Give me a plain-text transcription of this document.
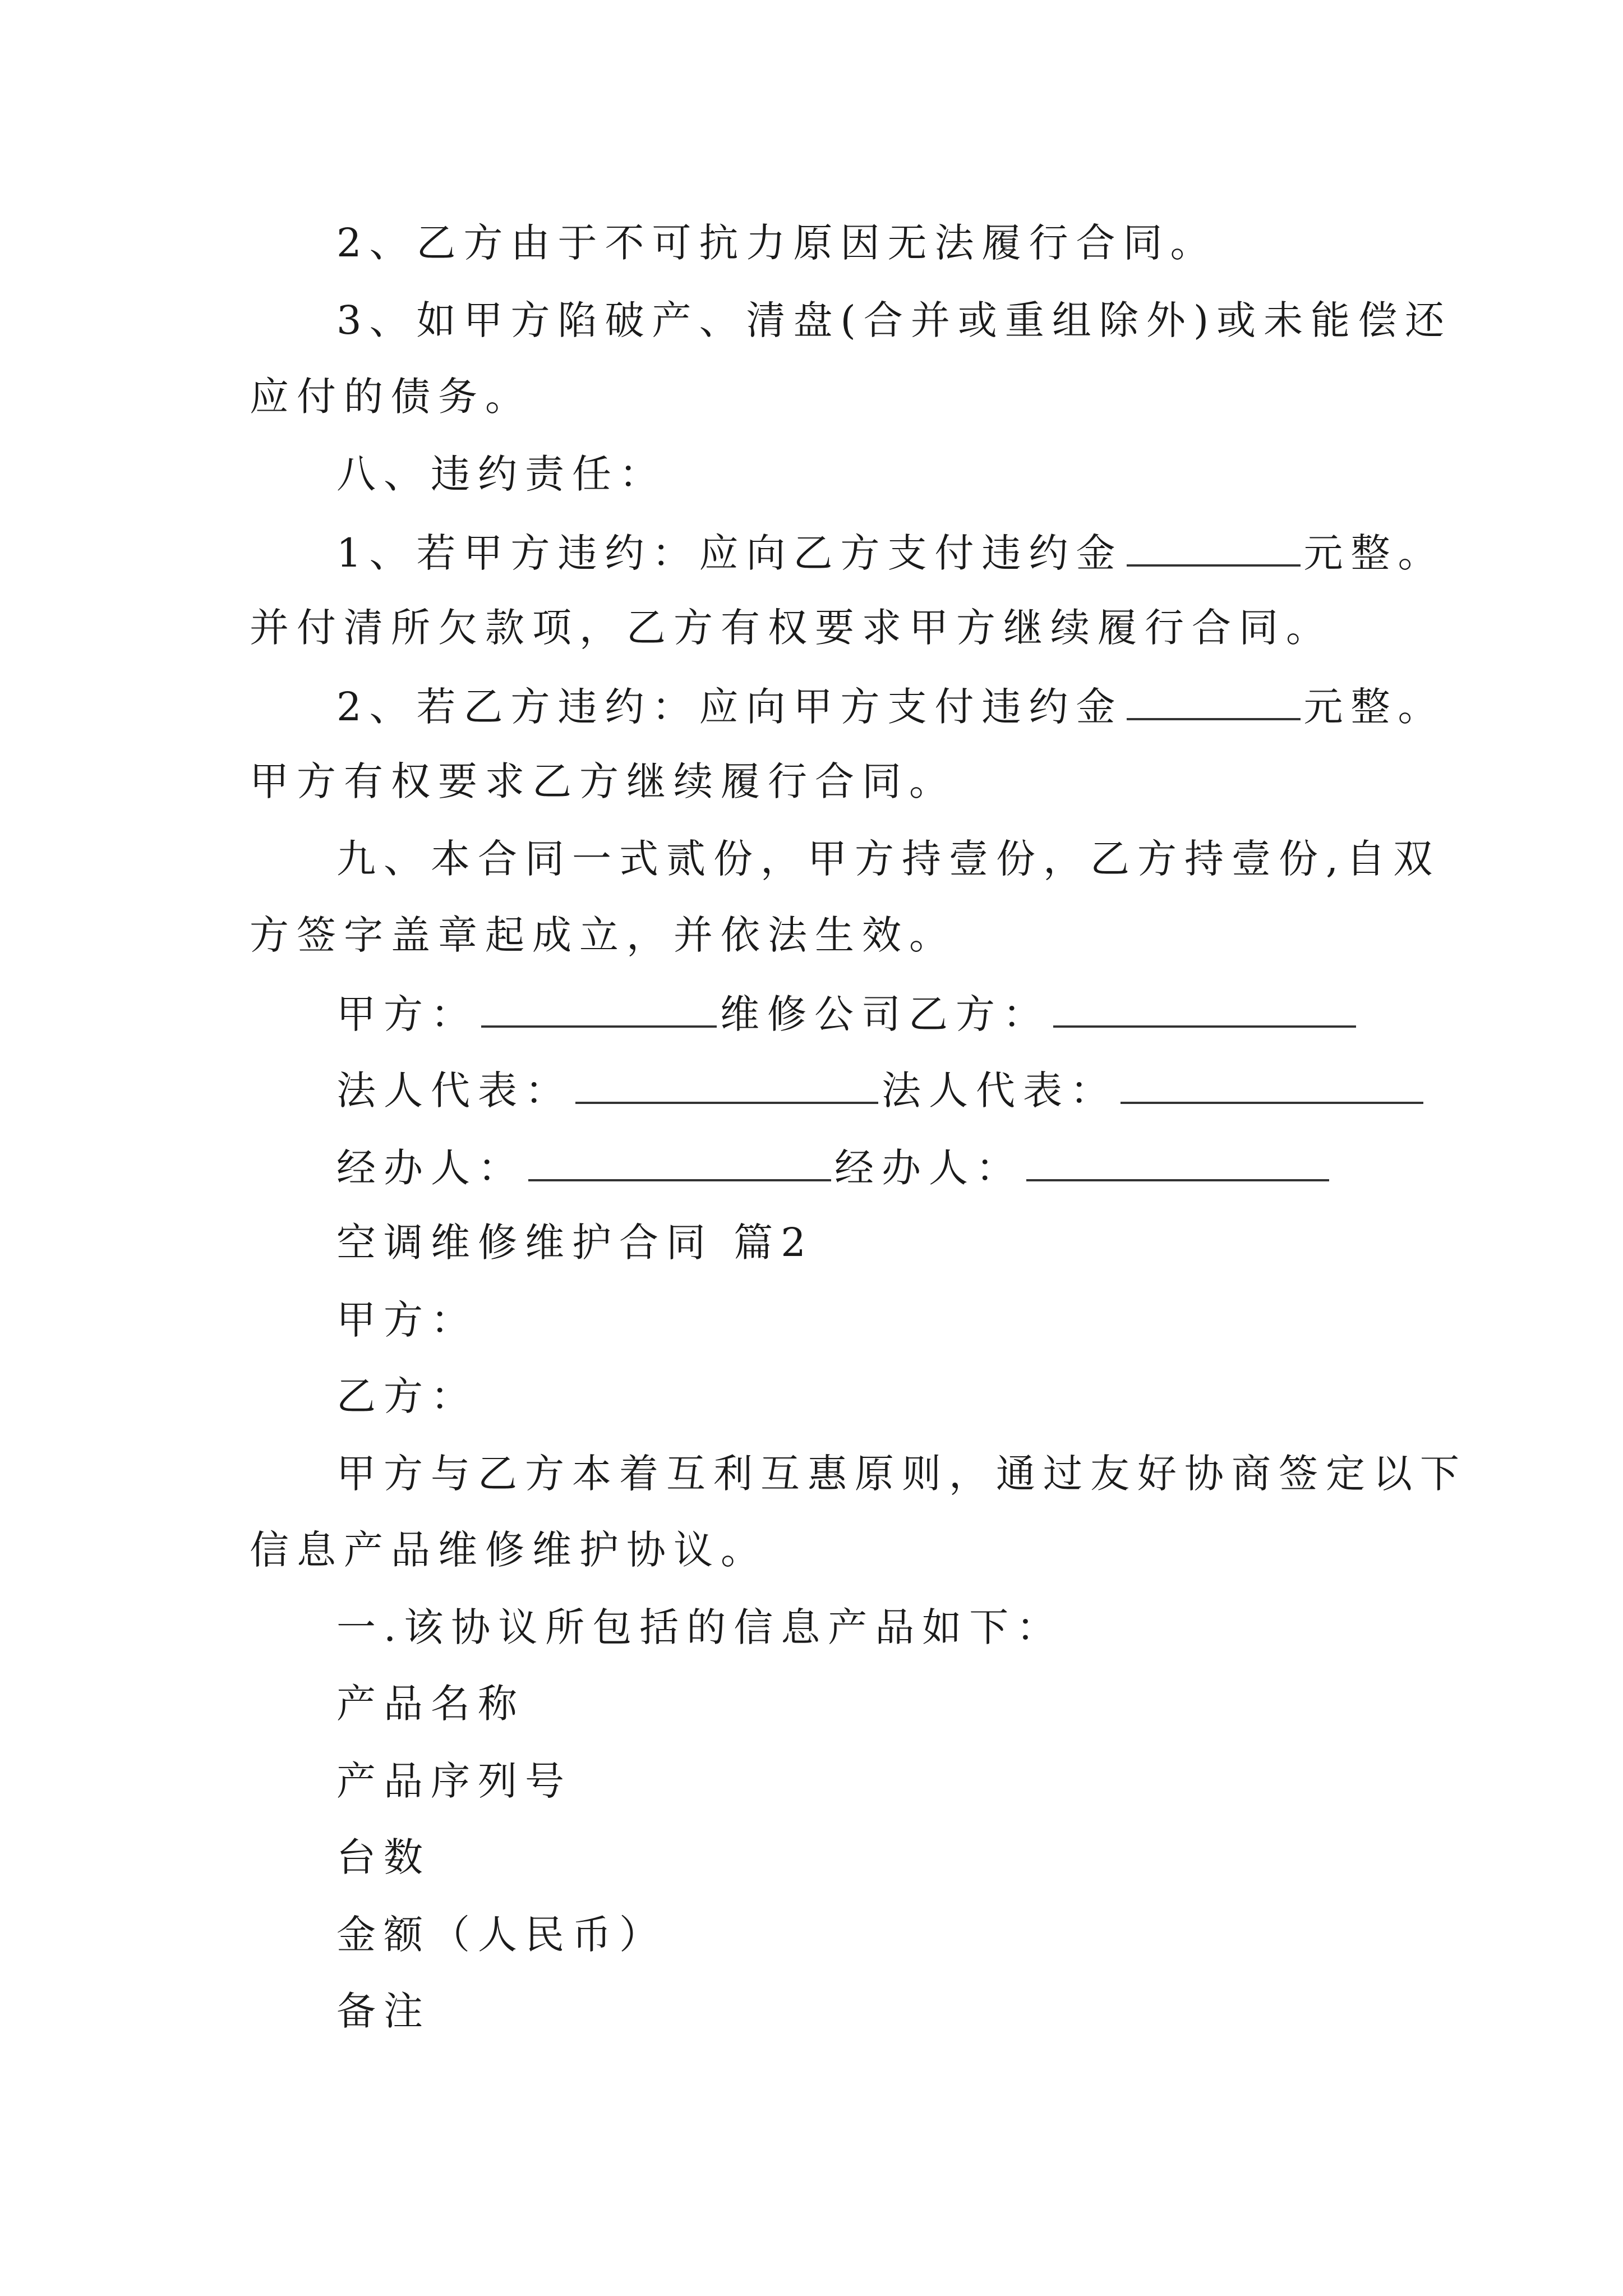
2、乙方由于不可抗力原因无法履行合同。
3、如甲方陷破产、清盘(合并或重组除外)或未能偿还
应付的债务。
八、违约责任：
1、若甲方违约：应向乙方支付违约金	元整。
并付清所欠款项，乙方有权要求甲方继续履行合同。
2、若乙方违约：应向甲方支付违约金	元整。
甲方有权要求乙方继续履行合同。
九、本合同一式贰份，甲方持壹份，乙方持壹份,自双
方签字盖章起成立，并依法生效。
甲方：	维修公司乙方：
法人代表：	法人代表：
经办人：	经办人：
空调维修维护合同 篇2
甲方：
乙方：
甲方与乙方本着互利互惠原则，通过友好协商签定以下
信息产品维修维护协议。
一.该协议所包括的信息产品如下：
产品名称
产品序列号
台数
金额（人民币）
备注
